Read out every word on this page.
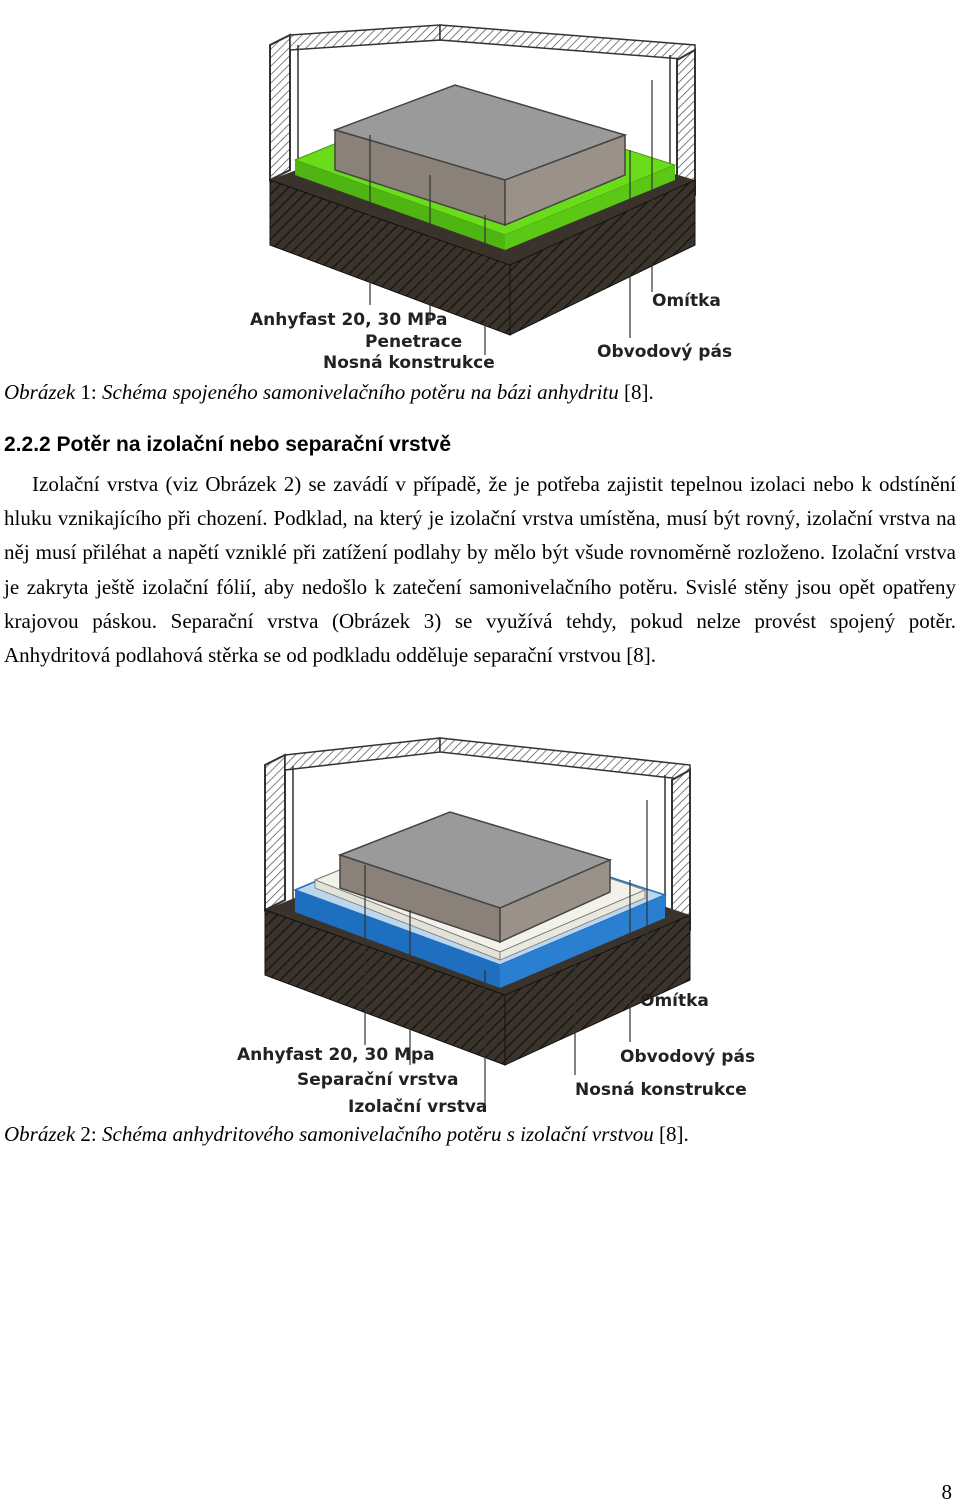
Anhyfast 20, 30 MPa
Penetrace
Nosná konstrukce
Omítka
Obvodový pás
Obrázek 1: Schéma spojeného samonivelačního potěru na bázi anhydritu [8].
2.2.2 Potěr na izolační nebo separační vrstvě

Izolační vrstva (viz Obrázek 2) se zavádí v případě, že je potřeba zajistit tepelnou izolaci nebo k odstínění hluku vznikajícího při chození. Podklad, na který je izolační vrstva umístěna, musí být rovný, izolační vrstva na něj musí přiléhat a napětí vzniklé při zatížení podlahy by mělo být všude rovnoměrně rozloženo. Izolační vrstva je zakryta ještě izolační fólií, aby nedošlo k zatečení samonivelačního potěru. Svislé stěny jsou opět opatřeny krajovou páskou. Separační vrstva (Obrázek 3) se využívá tehdy, pokud nelze provést spojený potěr. Anhydritová podlahová stěrka se od podkladu odděluje separační vrstvou [8].

Omítka
Anhyfast 20, 30 Mpa	Obvodový pás
Separační vrstva	Nosná konstrukce
Izolační vrstva
Obrázek 2: Schéma anhydritového samonivelačního potěru s izolační vrstvou [8].
8
